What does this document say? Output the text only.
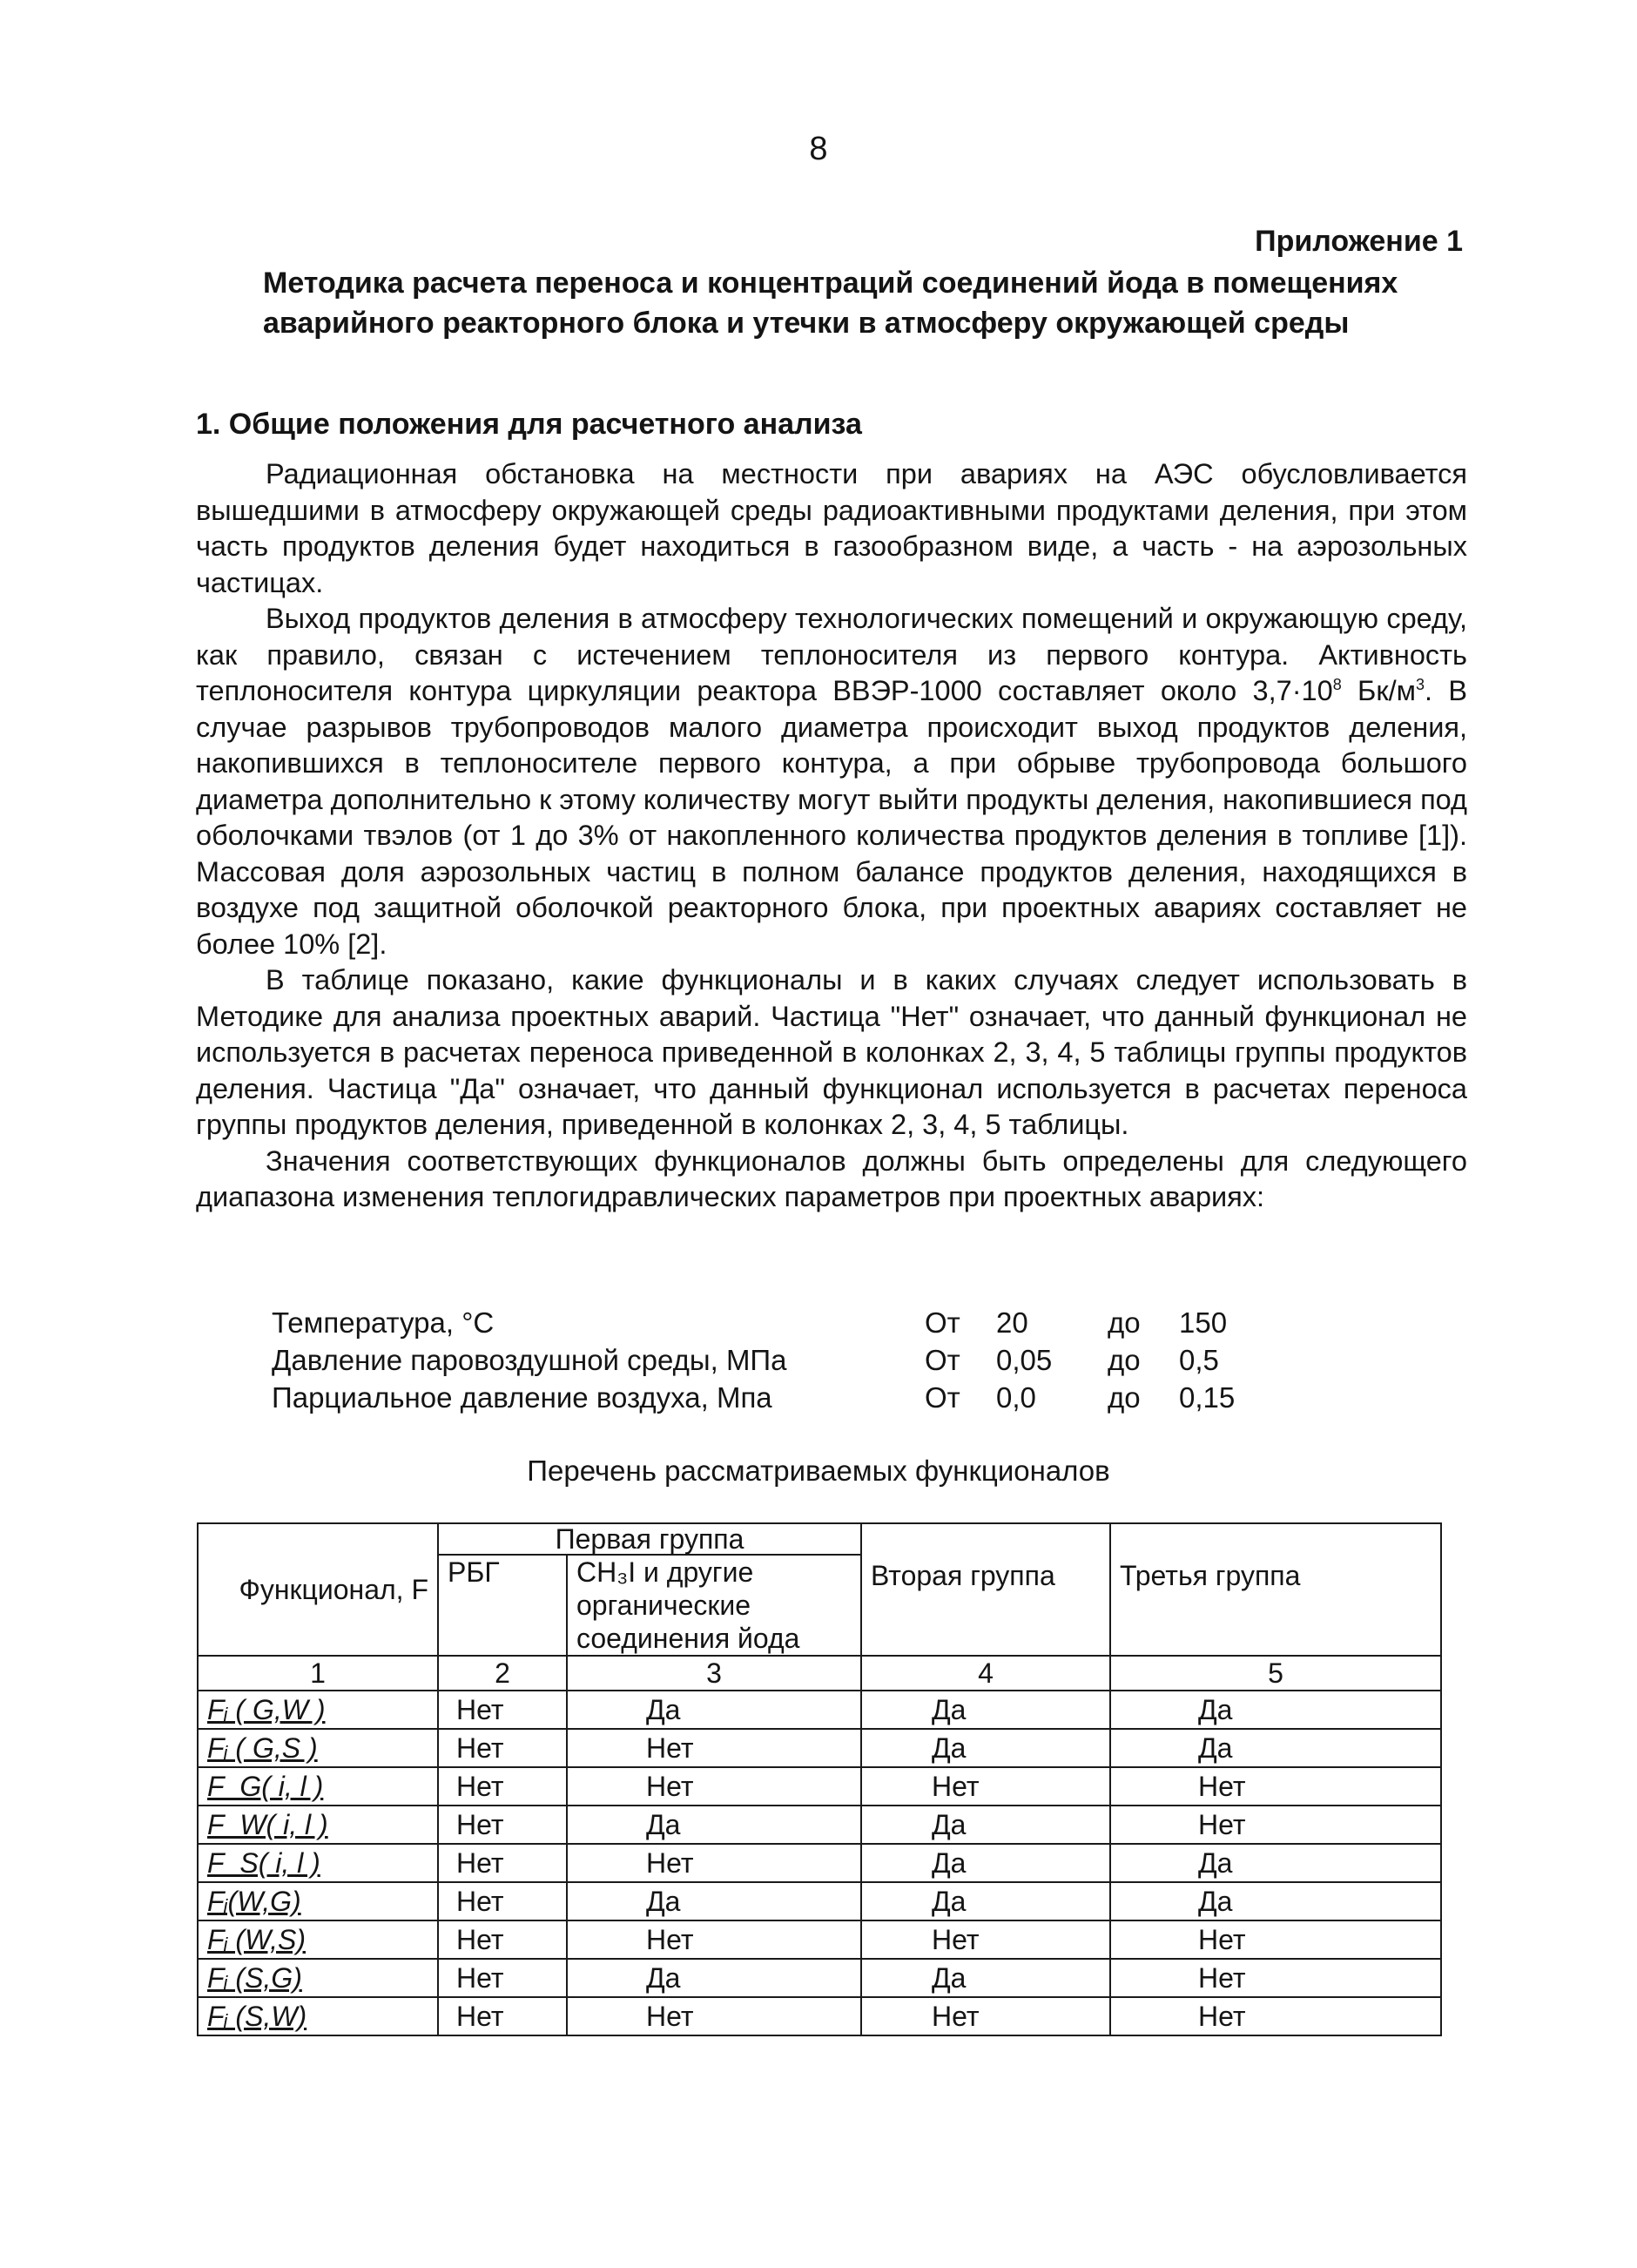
8
Приложение 1
Методика расчета переноса и концентраций соединений йода в помещениях аварийного реакторного блока и утечки в атмосферу окружающей среды
1. Общие положения для расчетного анализа

Радиационная обстановка на местности при авариях на АЭС обусловливается вышедшими в атмосферу окружающей среды радиоактивными продуктами деления, при этом часть продуктов деления будет находиться в газообразном виде, а часть - на аэрозольных частицах.

Выход продуктов деления в атмосферу технологических помещений и окружающую среду, как правило, связан с истечением теплоносителя из первого контура. Активность теплоносителя контура циркуляции реактора ВВЭР-1000 составляет около $3,7\cdot 10^8$ $Бк/м^3$. В случае разрывов трубопроводов малого диаметра происходит выход продуктов деления, накопившихся в теплоносителе первого контура, а при обрыве трубопровода большого диаметра дополнительно к этому количеству могут выйти продукты деления, накопившиеся под оболочками твэлов (от 1 до 3% от накопленного количества продуктов деления в топливе [1]). Массовая доля аэрозольных частиц в полном балансе продуктов деления, находящихся в воздухе под защитной оболочкой реакторного блока, при проектных авариях составляет не более 10% [2].

В таблице показано, какие функционалы и в каких случаях следует использовать в Методике для анализа проектных аварий. Частица "Нет" означает, что данный функционал не используется в расчетах переноса приведенной в колонках 2, 3, 4, 5 таблицы группы продуктов деления. Частица "Да" означает, что данный функционал используется в расчетах переноса группы продуктов деления, приведенной в колонках 2, 3, 4, 5 таблицы.

Значения соответствующих функционалов должны быть определены для следующего диапазона изменения теплогидравлических параметров при проектных авариях:

Температура, °С	От	20	до	150
Давление паровоздушной среды, МПа	От	0,05	до	0,5
Парциальное давление воздуха, Мпа	От	0,0	до	0,15
Перечень рассматриваемых функционалов
Функционал, F	Первая группа		Вторая группа	Третья группа
	РБГ	CH₃I и другие органические соединения йода		
1	2	3	4	5
Fᵢ ( G,W )	Нет	Да	Да	Да
Fᵢ ( G,S )	Нет	Нет	Да	Да
F_G( i, l )	Нет	Нет	Нет	Нет
F_W( i, l )	Нет	Да	Да	Нет
F_S( i, l )	Нет	Нет	Да	Да
Fᵢ(W,G)	Нет	Да	Да	Да
Fᵢ (W,S)	Нет	Нет	Нет	Нет
Fᵢ (S,G)	Нет	Да	Да	Нет
Fᵢ (S,W)	Нет	Нет	Нет	Нет
